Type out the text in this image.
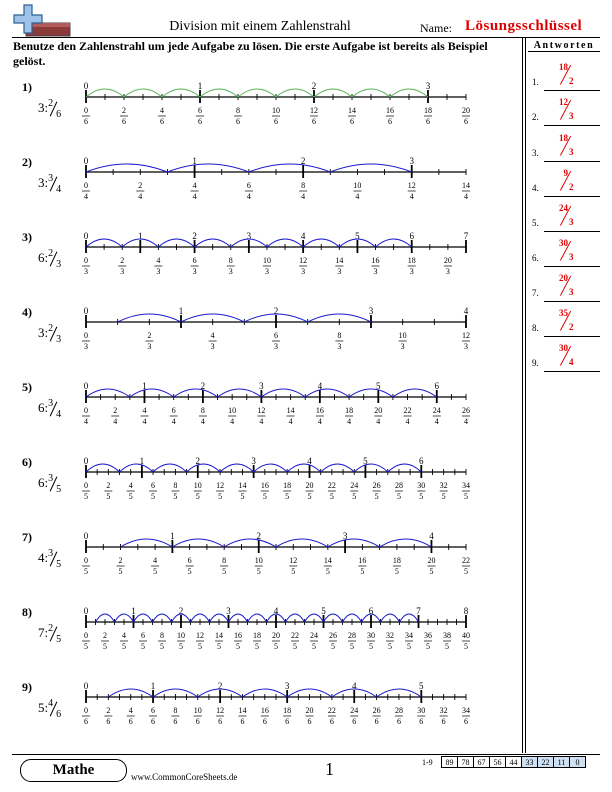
Division mit einem Zahlenstrahl	Name: Lösungsschlüssel
Benutze den Zahlenstrahl um jede Aufgabe zu lösen. Die erste Aufgabe ist bereits als Beispiel gelöst.
Antworten
1.
18
2
2.
12
3
3.
18
3
4.
9
2
5.
24
3
6.
30
3
7.
20
3
8.
35
2
9.
30
4
0	1	2	3
0
6
2
6
4
6
6
6
8
6
10
6
12
6
14
6
16
6
18
6
20
6
1)
3:$^2_6$
0	1	2	3
0
4
2
4
4
4
6
4
8
4
10
4
12
4
14
4
2)
3:$^3_4$
0	1	2	3	4	5	6	7
0
3
2
3
4
3
6
3
8
3
10
3
12
3
14
3
16
3
18
3
20
3
3)
6:$^2_3$
0	1	2	3	4
0
3
2
3
4
3
6
3
8
3
10
3
12
3
4)
3:$^2_3$
0	1	2	3	4	5	6
0
4
2
4
4
4
6
4
8
4
10
4
12
4
14
4
16
4
18
4
20
4
22
4
24
4
26
4
5)
6:$^3_4$
0	1	2	3	4	5	6
0
5
2
5
4
5
6
5
8
5
10
5
12
5
14
5
16
5
18
5
20
5
22
5
24
5
26
5
28
5
30
5
32
5
34
5
6)
6:$^3_5$
0	1	2	3	4
0
5
2
5
4
5
6
5
8
5
10
5
12
5
14
5
16
5
18
5
20
5
22
5
7)
4:$^3_5$
0	1	2	3	4	5	6	7	8
0
5
2
5
4
5
6
5
8
5
10
5
12
5
14
5
16
5
18
5
20
5
22
5
24
5
26
5
28
5
30
5
32
5
34
5
36
5
38
5
40
5
8)
7:$^2_5$
0	1	2	3	4	5
0
6
2
6
4
6
6
6
8
6
10
6
12
6
14
6
16
6
18
6
20
6
22
6
24
6
26
6
28
6
30
6
32
6
34
6
9)
5:$^4_6$
Mathe	www.CommonCoreSheets.de	1	1-9 89	78	67	56	44	33	22	11	0
